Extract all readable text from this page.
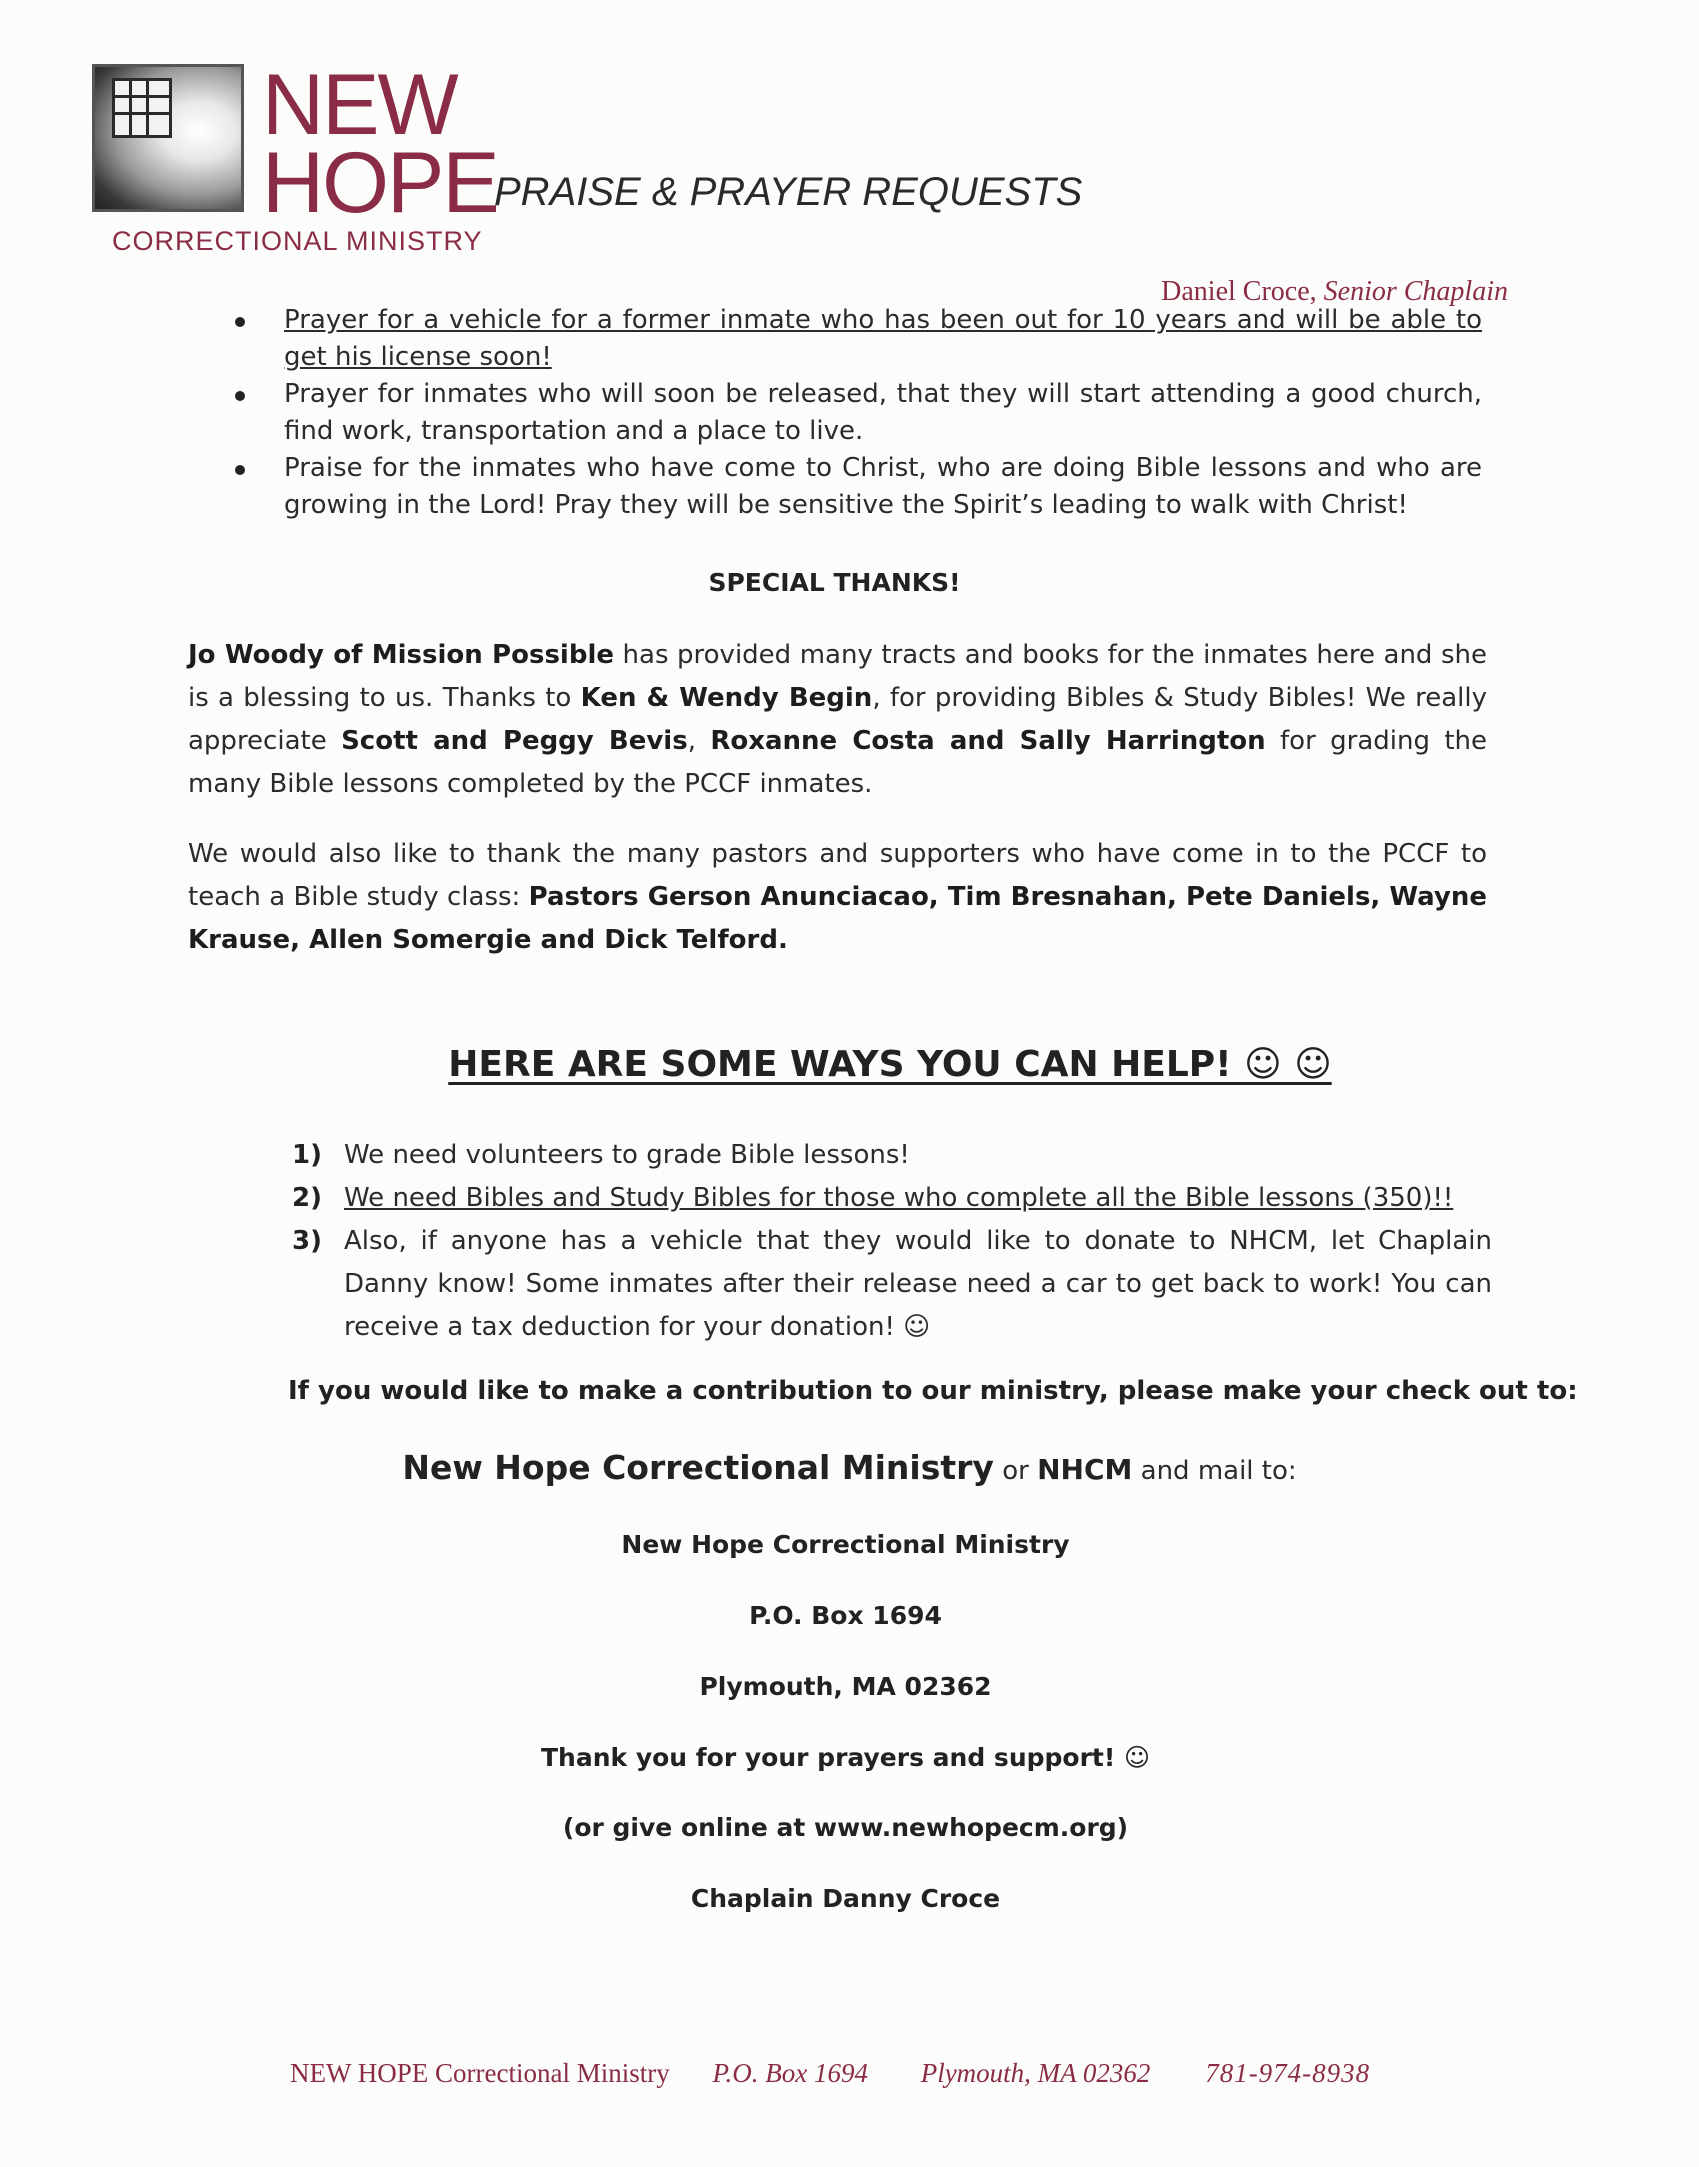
NEW
HOPE
CORRECTIONAL MINISTRY
PRAISE & PRAYER REQUESTS
Daniel Croce, Senior Chaplain
Prayer for a vehicle for a former inmate who has been out for 10 years and will be able to get his license soon!
Prayer for inmates who will soon be released, that they will start attending a good church, find work, transportation and a place to live.
Praise for the inmates who have come to Christ, who are doing Bible lessons and who are growing in the Lord! Pray they will be sensitive the Spirit’s leading to walk with Christ!
SPECIAL THANKS!
Jo Woody of Mission Possible has provided many tracts and books for the inmates here and she is a blessing to us. Thanks to Ken & Wendy Begin, for providing Bibles & Study Bibles! We really appreciate Scott and Peggy Bevis, Roxanne Costa and Sally Harrington for grading the many Bible lessons completed by the PCCF inmates.
We would also like to thank the many pastors and supporters who have come in to the PCCF to teach a Bible study class: Pastors Gerson Anunciacao, Tim Bresnahan, Pete Daniels, Wayne Krause, Allen Somergie and Dick Telford.
HERE ARE SOME WAYS YOU CAN HELP! ☺ ☺
1) We need volunteers to grade Bible lessons!
2) We need Bibles and Study Bibles for those who complete all the Bible lessons (350)!!
3) Also, if anyone has a vehicle that they would like to donate to NHCM, let Chaplain Danny know! Some inmates after their release need a car to get back to work! You can receive a tax deduction for your donation! ☺
If you would like to make a contribution to our ministry, please make your check out to:
New Hope Correctional Ministry or NHCM and mail to:
New Hope Correctional Ministry
P.O. Box 1694
Plymouth, MA 02362
Thank you for your prayers and support! ☺
(or give online at www.newhopecm.org)
Chaplain Danny Croce
NEW HOPE Correctional Ministry P.O. Box 1694 Plymouth, MA 02362 781-974-8938
